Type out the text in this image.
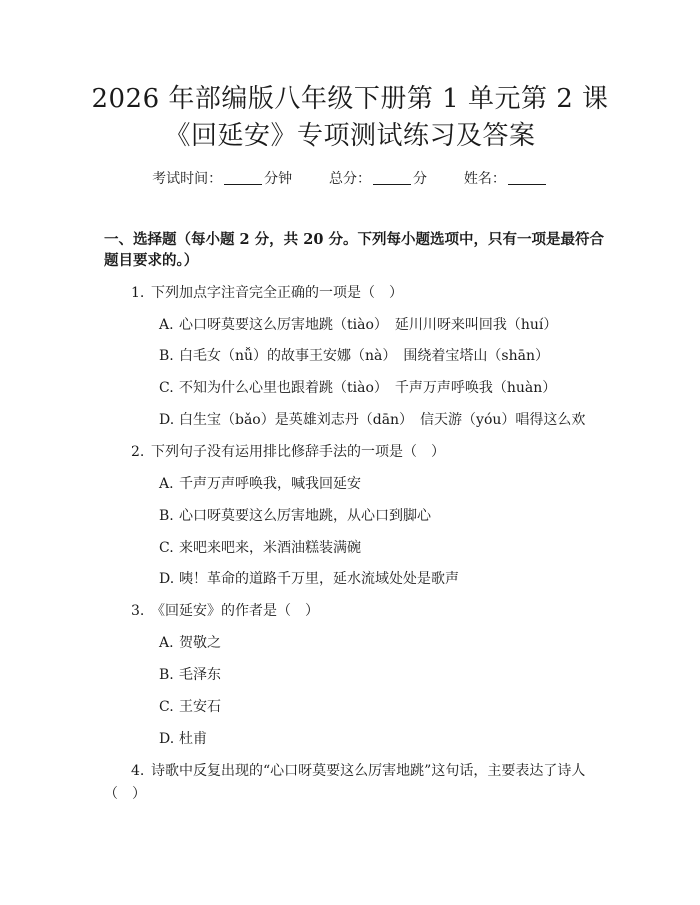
2026 年部编版八年级下册第 1 单元第 2 课
《回延安》专项测试练习及答案
考试时间：	分钟	总分：	分	姓名：

一、选择题（每小题 2 分，共 20 分。下列每小题选项中，只有一项是最符合题目要求的。）

1. 下列加点字注音完全正确的一项是（　）
A. 心口呀莫要这么厉害地跳（tiào）　延川川呀来叫回我（huí）
B. 白毛女（nǚ）的故事王安娜（nà）　围绕着宝塔山（shān）
C. 不知为什么心里也跟着跳（tiào）　千声万声呼唤我（huàn）
D. 白生宝（bǎo）是英雄刘志丹（dān）　信天游（yóu）唱得这么欢
2. 下列句子没有运用排比修辞手法的一项是（　）
A. 千声万声呼唤我，喊我回延安
B. 心口呀莫要这么厉害地跳，从心口到脚心
C. 来吧来吧来，米酒油糕装满碗
D. 咦！革命的道路千万里，延水流域处处是歌声
3. 《回延安》的作者是（　）
A. 贺敬之
B. 毛泽东
C. 王安石
D. 杜甫
4. 诗歌中反复出现的“心口呀莫要这么厉害地跳”这句话，主要表达了诗人（　）
